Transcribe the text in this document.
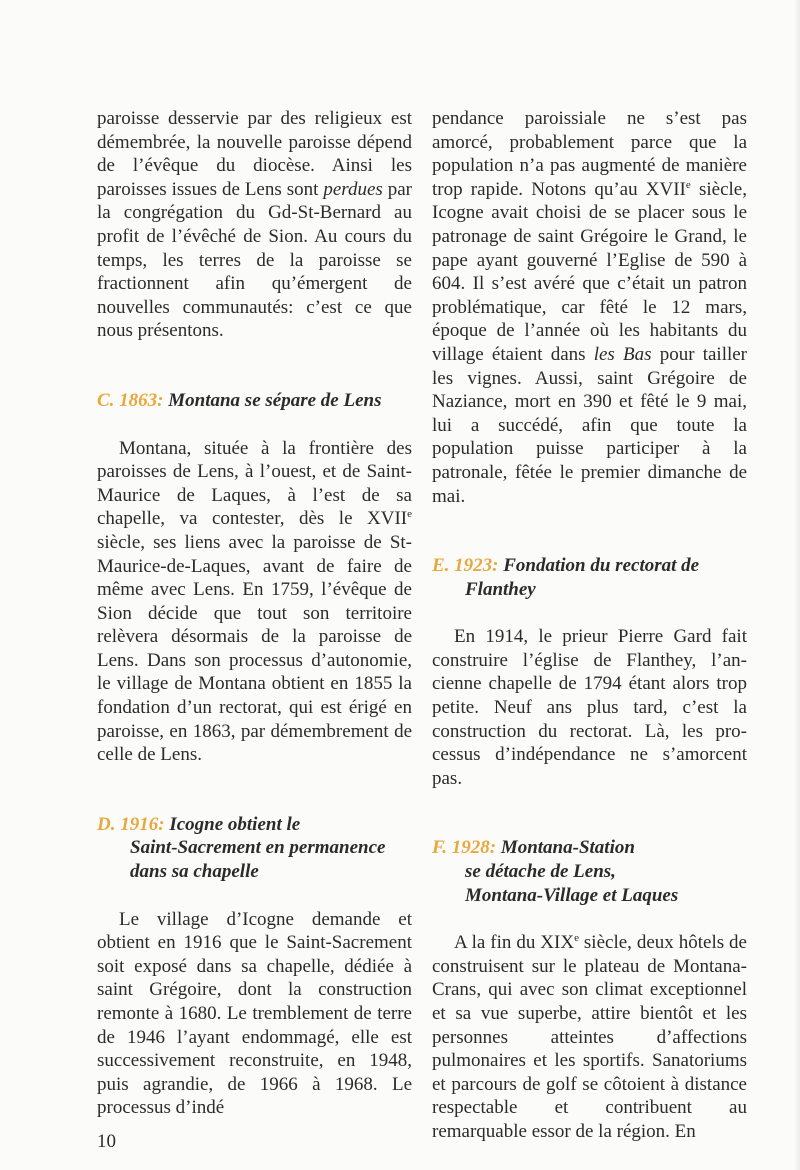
paroisse desservie par des religieux est démembrée, la nouvelle paroisse dépend de l’évêque du diocèse. Ainsi les paroisses issues de Lens sont perdues par la congrégation du Gd-St-Bernard au profit de l’évêché de Sion. Au cours du temps, les terres de la paroisse se fractionnent afin qu’émergent de nouvelles communautés: c’est ce que nous présentons.

C. 1863: Montana se sépare de Lens

Montana, située à la frontière des paroisses de Lens, à l’ouest, et de Saint-Maurice de Laques, à l’est de sa chapelle, va contester, dès le XVIIe siècle, ses liens avec la paroisse de St-Maurice-de-Laques, avant de faire de même avec Lens. En 1759, l’évêque de Sion décide que tout son territoire relèvera désormais de la paroisse de Lens. Dans son processus d’autonomie, le village de Montana obtient en 1855 la fondation d’un rectorat, qui est érigé en paroisse, en 1863, par démembrement de celle de Lens.

D. 1916: Icogne obtient le
Saint-Sacrement en permanence
dans sa chapelle

Le village d’Icogne demande et obtient en 1916 que le Saint-Sacrement soit exposé dans sa chapelle, dédiée à saint Grégoire, dont la construction remonte à 1680. Le tremblement de terre de 1946 l’ayant endommagé, elle est successivement reconstruite, en 1948, puis agrandie, de 1966 à 1968. Le processus d’indé

pendance paroissiale ne s’est pas amorcé, probablement parce que la population n’a pas augmenté de manière trop rapide. Notons qu’au XVIIe siècle, Icogne avait choisi de se placer sous le patronage de saint Grégoire le Grand, le pape ayant gouverné l’Eglise de 590 à 604. Il s’est avéré que c’était un patron problématique, car fêté le 12 mars, époque de l’année où les habitants du village étaient dans les Bas pour tailler les vignes. Aussi, saint Grégoire de Naziance, mort en 390 et fêté le 9 mai, lui a succédé, afin que toute la population puisse participer à la patronale, fêtée le premier dimanche de mai.

E. 1923: Fondation du rectorat de
Flanthey

En 1914, le prieur Pierre Gard fait construire l’église de Flanthey, l’ancienne chapelle de 1794 étant alors trop petite. Neuf ans plus tard, c’est la construction du rectorat. Là, les processus d’indépendance ne s’amorcent pas.

F. 1928: Montana-Station
se détache de Lens,
Montana-Village et Laques

A la fin du XIXe siècle, deux hôtels de construisent sur le plateau de Montana-Crans, qui avec son climat exceptionnel et sa vue superbe, attire bientôt et les personnes atteintes d’affections pulmonaires et les sportifs. Sanatoriums et parcours de golf se côtoient à distance respectable et contribuent au remarquable essor de la région. En

10
